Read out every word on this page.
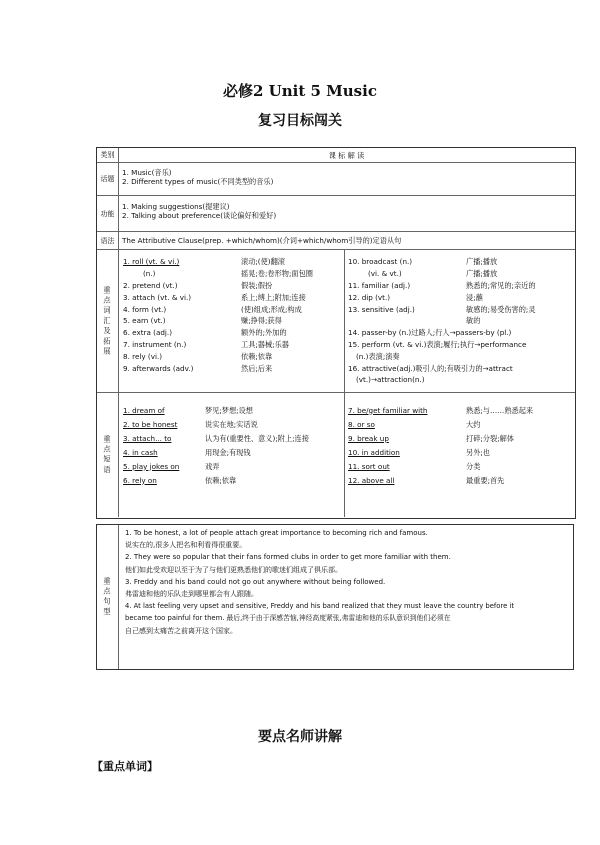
必修2 Unit 5 Music
复习目标闯关
类别	课 标 解 读
话题
1. Music(音乐)
2. Different types of music(不同类型的音乐)
功能
1. Making suggestions(提建议)
2. Talking about preference(谈论偏好和爱好)
语法	The Attributive Clause(prep. +which/whom)(介词+which/whom引导的)定语从句
重点词汇及拓展
1. roll (vt. & vi.)	滚动;(使)翻滚
(n.)	摇晃;卷;卷形物;面包圈
2. pretend (vt.)	假装;假扮
3. attach (vt. & vi.)	系上;缚上;附加;连接
4. form (vt.)	(使)组成;形成;构成
5. earn (vt.)	赚;挣得;获得
6. extra (adj.)	额外的;外加的
7. instrument (n.)	工具;器械;乐器
8. rely (vi.)	依赖;依靠
9. afterwards (adv.)	然后;后来
10. broadcast (n.)	广播;播放
(vi. & vt.)	广播;播放
11. familiar (adj.)	熟悉的;常见的;亲近的
12. dip (vt.)	浸;蘸
13. sensitive (adj.)	敏感的;易受伤害的;灵
敏的
14. passer-by (n.)过路人;行人→passers-by (pl.)
15. perform (vt. & vi.)表演;履行;执行→performance
(n.)表演;演奏
16. attractive(adj.)吸引人的;有吸引力的→attract
(vt.)→attraction(n.)
重点短语
1. dream of	梦见;梦想;设想
2. to be honest	说实在地;实话说
3. attach... to	认为有(重要性、意义);附上;连接
4. in cash	用现金;有现钱
5. play jokes on	戏弄
6. rely on	依赖;依靠
7. be/get familiar with	熟悉;与……熟悉起来
8. or so	大约
9. break up	打碎;分裂;解体
10. in addition	另外;也
11. sort out	分类
12. above all	最重要;首先
重点句型
1. To be honest, a lot of people attach great importance to becoming rich and famous.
说实在的,很多人把名和利看得很重要。
2. They were so popular that their fans formed clubs in order to get more familiar with them.
他们如此受欢迎以至于为了与他们更熟悉他们的歌迷们组成了俱乐部。
3. Freddy and his band could not go out anywhere without being followed.
弗雷迪和他的乐队走到哪里都会有人跟随。
4. At last feeling very upset and sensitive, Freddy and his band realized that they must leave the country before it
became too painful for them. 最后,终于由于深感苦恼,神经高度紧张,弗雷迪和他的乐队意识到他们必须在
自己感到太痛苦之前离开这个国家。
要点名师讲解
【重点单词】
